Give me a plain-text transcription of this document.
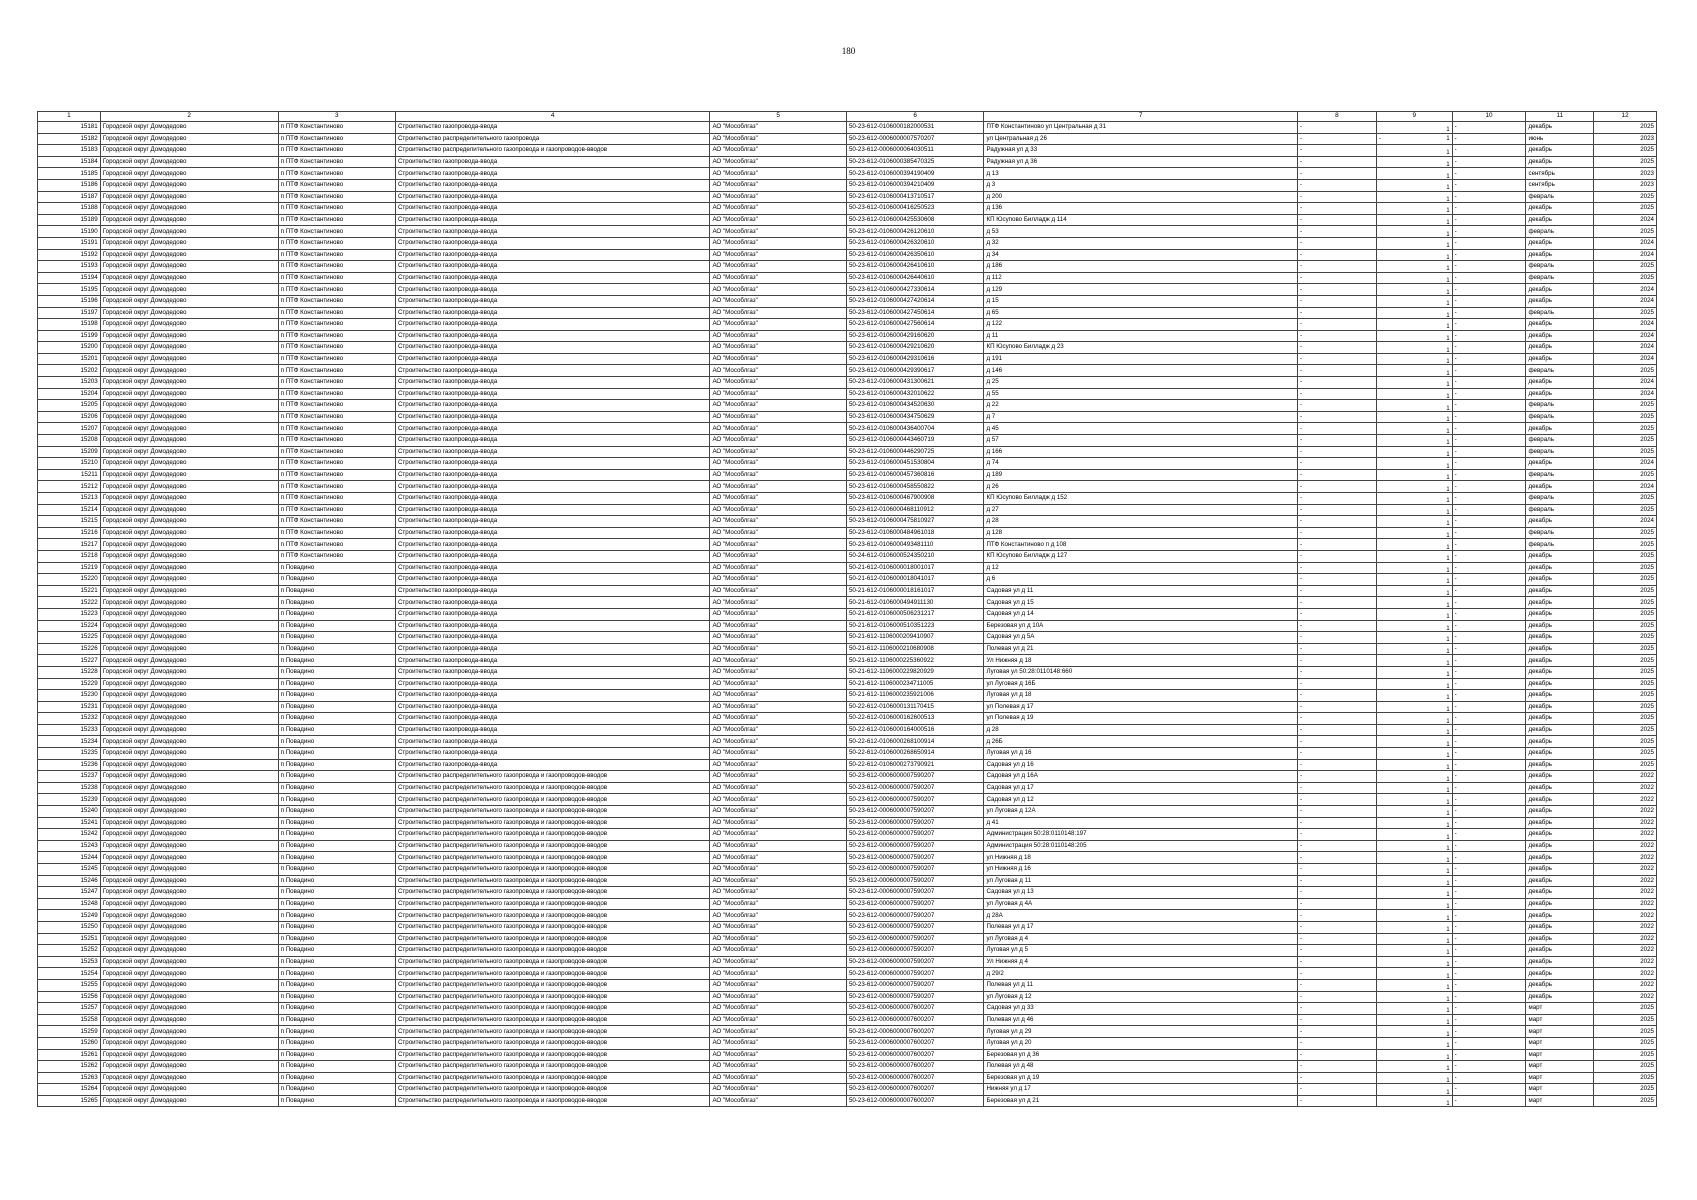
180
1	2	3	4	5	6	7	8	9	10	11	12
15181	Городской округ Домодедово	п ПТФ Константиново	Строительство газопровода-ввода	АО "Мособлгаз"	50-23-612-0106000182000531	ПТФ Константиново ул Центральная д 31	-	1	-	декабрь	2025
15182	Городской округ Домодедово	п ПТФ Константиново	Строительство распределительного газопровода	АО "Мособлгаз"	50-23-612-0006000007570207	ул Центральная д 26	-	- 1	-	июнь	2023
15183	Городской округ Домодедово	п ПТФ Константиново	Строительство распределительного газопровода и газопроводов-вводов	АО "Мособлгаз"	50-23-612-0006000064030511	Радужная ул д 33	-	1	-	декабрь	2025
15184	Городской округ Домодедово	п ПТФ Константиново	Строительство газопровода-ввода	АО "Мособлгаз"	50-23-612-0106000385470325	Радужная ул д 36	-	1	-	декабрь	2025
15185	Городской округ Домодедово	п ПТФ Константиново	Строительство газопровода-ввода	АО "Мособлгаз"	50-23-612-0106000394190409	д 13	-	1	-	сентябрь	2023
15186	Городской округ Домодедово	п ПТФ Константиново	Строительство газопровода-ввода	АО "Мособлгаз"	50-23-612-0106000394210409	д 3	-	1	-	сентябрь	2023
15187	Городской округ Домодедово	п ПТФ Константиново	Строительство газопровода-ввода	АО "Мособлгаз"	50-23-612-0106000413710517	д 200	-	1	-	февраль	2025
15188	Городской округ Домодедово	п ПТФ Константиново	Строительство газопровода-ввода	АО "Мособлгаз"	50-23-612-0106000416250523	д 136	-	1	-	декабрь	2025
15189	Городской округ Домодедово	п ПТФ Константиново	Строительство газопровода-ввода	АО "Мособлгаз"	50-23-612-0106000425530608	КП Юсупово Билладж д 114	-	1	-	декабрь	2024
15190	Городской округ Домодедово	п ПТФ Константиново	Строительство газопровода-ввода	АО "Мособлгаз"	50-23-612-0106000426120610	д 53	-	1	-	февраль	2025
15191	Городской округ Домодедово	п ПТФ Константиново	Строительство газопровода-ввода	АО "Мособлгаз"	50-23-612-0106000426320610	д 32	-	1	-	декабрь	2024
15192	Городской округ Домодедово	п ПТФ Константиново	Строительство газопровода-ввода	АО "Мособлгаз"	50-23-612-0106000426350610	д 34	-	1	-	декабрь	2024
15193	Городской округ Домодедово	п ПТФ Константиново	Строительство газопровода-ввода	АО "Мособлгаз"	50-23-612-0106000426410610	д 186	-	1	-	февраль	2025
15194	Городской округ Домодедово	п ПТФ Константиново	Строительство газопровода-ввода	АО "Мособлгаз"	50-23-612-0106000426440610	д 112	-	1	-	февраль	2025
15195	Городской округ Домодедово	п ПТФ Константиново	Строительство газопровода-ввода	АО "Мособлгаз"	50-23-612-0106000427330614	д 129	-	1	-	декабрь	2024
15196	Городской округ Домодедово	п ПТФ Константиново	Строительство газопровода-ввода	АО "Мособлгаз"	50-23-612-0106000427420614	д 15	-	1	-	декабрь	2024
15197	Городской округ Домодедово	п ПТФ Константиново	Строительство газопровода-ввода	АО "Мособлгаз"	50-23-612-0106000427450614	д 65	-	1	-	февраль	2025
15198	Городской округ Домодедово	п ПТФ Константиново	Строительство газопровода-ввода	АО "Мособлгаз"	50-23-612-0106000427560614	д 122	-	1	-	декабрь	2024
15199	Городской округ Домодедово	п ПТФ Константиново	Строительство газопровода-ввода	АО "Мособлгаз"	50-23-612-0106000429160620	д 11	-	1	-	декабрь	2024
15200	Городской округ Домодедово	п ПТФ Константиново	Строительство газопровода-ввода	АО "Мособлгаз"	50-23-612-0106000429210620	КП Юсупово Билладж д 23	-	1	-	декабрь	2024
15201	Городской округ Домодедово	п ПТФ Константиново	Строительство газопровода-ввода	АО "Мособлгаз"	50-23-612-0106000429310616	д 191	-	1	-	декабрь	2024
15202	Городской округ Домодедово	п ПТФ Константиново	Строительство газопровода-ввода	АО "Мособлгаз"	50-23-612-0106000429390617	д 146	-	1	-	февраль	2025
15203	Городской округ Домодедово	п ПТФ Константиново	Строительство газопровода-ввода	АО "Мособлгаз"	50-23-612-0106000431300621	д 25	-	1	-	декабрь	2024
15204	Городской округ Домодедово	п ПТФ Константиново	Строительство газопровода-ввода	АО "Мособлгаз"	50-23-612-0106000432010622	д 55	-	1	-	декабрь	2024
15205	Городской округ Домодедово	п ПТФ Константиново	Строительство газопровода-ввода	АО "Мособлгаз"	50-23-612-0106000434520630	д 22	-	1	-	февраль	2025
15206	Городской округ Домодедово	п ПТФ Константиново	Строительство газопровода-ввода	АО "Мособлгаз"	50-23-612-0106000434750629	д 7	-	1	-	февраль	2025
15207	Городской округ Домодедово	п ПТФ Константиново	Строительство газопровода-ввода	АО "Мособлгаз"	50-23-612-0106000436400704	д 45	-	1	-	декабрь	2025
15208	Городской округ Домодедово	п ПТФ Константиново	Строительство газопровода-ввода	АО "Мособлгаз"	50-23-612-0106000443460719	д 57	-	1	-	февраль	2025
15209	Городской округ Домодедово	п ПТФ Константиново	Строительство газопровода-ввода	АО "Мособлгаз"	50-23-612-0106000446290725	д 166	-	1	-	февраль	2025
15210	Городской округ Домодедово	п ПТФ Константиново	Строительство газопровода-ввода	АО "Мособлгаз"	50-23-612-0106000451530804	д 74	-	1	-	декабрь	2024
15211	Городской округ Домодедово	п ПТФ Константиново	Строительство газопровода-ввода	АО "Мособлгаз"	50-23-612-0106000457360816	д 189	-	1	-	февраль	2025
15212	Городской округ Домодедово	п ПТФ Константиново	Строительство газопровода-ввода	АО "Мособлгаз"	50-23-612-0106000458550822	д 26	-	1	-	декабрь	2024
15213	Городской округ Домодедово	п ПТФ Константиново	Строительство газопровода-ввода	АО "Мособлгаз"	50-23-612-0106000467900908	КП Юсупово Билладж д 152	-	1	-	февраль	2025
15214	Городской округ Домодедово	п ПТФ Константиново	Строительство газопровода-ввода	АО "Мособлгаз"	50-23-612-0106000468110912	д 27	-	1	-	февраль	2025
15215	Городской округ Домодедово	п ПТФ Константиново	Строительство газопровода-ввода	АО "Мособлгаз"	50-23-612-0106000475810927	д 28	-	1	-	декабрь	2024
15216	Городской округ Домодедово	п ПТФ Константиново	Строительство газопровода-ввода	АО "Мособлгаз"	50-23-612-0106000484961018	д 128	-	1	-	февраль	2025
15217	Городской округ Домодедово	п ПТФ Константиново	Строительство газопровода-ввода	АО "Мособлгаз"	50-23-612-0106000493481110	ПТФ Константиново п д 108	-	1	-	февраль	2025
15218	Городской округ Домодедово	п ПТФ Константиново	Строительство газопровода-ввода	АО "Мособлгаз"	50-24-612-0106000524350210	КП Юсупово Билладж д 127	-	1	-	декабрь	2025
15219	Городской округ Домодедово	п Повадино	Строительство газопровода-ввода	АО "Мособлгаз"	50-21-612-0106000018001017	д 12	-	1	-	декабрь	2025
15220	Городской округ Домодедово	п Повадино	Строительство газопровода-ввода	АО "Мособлгаз"	50-21-612-0106000018041017	д 6	-	1	-	декабрь	2025
15221	Городской округ Домодедово	п Повадино	Строительство газопровода-ввода	АО "Мособлгаз"	50-21-612-0106000018161017	Садовая ул д 11	-	1	-	декабрь	2025
15222	Городской округ Домодедово	п Повадино	Строительство газопровода-ввода	АО "Мособлгаз"	50-21-612-0106000494911130	Садовая ул д 15	-	1	-	декабрь	2025
15223	Городской округ Домодедово	п Повадино	Строительство газопровода-ввода	АО "Мособлгаз"	50-21-612-0106000506231217	Садовая ул д 14	-	1	-	декабрь	2025
15224	Городской округ Домодедово	п Повадино	Строительство газопровода-ввода	АО "Мособлгаз"	50-21-612-0106000510351223	Березовая ул д 10А	-	1	-	декабрь	2025
15225	Городской округ Домодедово	п Повадино	Строительство газопровода-ввода	АО "Мособлгаз"	50-21-612-1106000209410907	Садовая ул д 5А	-	1	-	декабрь	2025
15226	Городской округ Домодедово	п Повадино	Строительство газопровода-ввода	АО "Мособлгаз"	50-21-612-1106000210680908	Полевая ул д 21	-	1	-	декабрь	2025
15227	Городской округ Домодедово	п Повадино	Строительство газопровода-ввода	АО "Мособлгаз"	50-21-612-1106000225360922	Ул Нижняя д 18	-	1	-	декабрь	2025
15228	Городской округ Домодедово	п Повадино	Строительство газопровода-ввода	АО "Мособлгаз"	50-21-612-1106000229820929	Луговая ул 50:28:0110148:660	-	1	-	декабрь	2025
15229	Городской округ Домодедово	п Повадино	Строительство газопровода-ввода	АО "Мособлгаз"	50-21-612-1106000234711005	ул Луговая д 16Б	-	1	-	декабрь	2025
15230	Городской округ Домодедово	п Повадино	Строительство газопровода-ввода	АО "Мособлгаз"	50-21-612-1106000235921006	Луговая ул д 18	-	1	-	декабрь	2025
15231	Городской округ Домодедово	п Повадино	Строительство газопровода-ввода	АО "Мособлгаз"	50-22-612-0106000131170415	ул Полевая д 17	-	1	-	декабрь	2025
15232	Городской округ Домодедово	п Повадино	Строительство газопровода-ввода	АО "Мособлгаз"	50-22-612-0106000162600513	ул Полевая д 19	-	1	-	декабрь	2025
15233	Городской округ Домодедово	п Повадино	Строительство газопровода-ввода	АО "Мособлгаз"	50-22-612-0106000164000516	д 28	-	1	-	декабрь	2025
15234	Городской округ Домодедово	п Повадино	Строительство газопровода-ввода	АО "Мособлгаз"	50-22-612-0106000268100914	д 26Б	-	1	-	декабрь	2025
15235	Городской округ Домодедово	п Повадино	Строительство газопровода-ввода	АО "Мособлгаз"	50-22-612-0106000268650914	Луговая ул д 16	-	1	-	декабрь	2025
15236	Городской округ Домодедово	п Повадино	Строительство газопровода-ввода	АО "Мособлгаз"	50-22-612-0106000273790921	Садовая ул д 16	-	1	-	декабрь	2025
15237	Городской округ Домодедово	п Повадино	Строительство распределительного газопровода и газопроводов-вводов	АО "Мособлгаз"	50-23-612-0006000007590207	Садовая ул д 16А	-	1	-	декабрь	2022
15238	Городской округ Домодедово	п Повадино	Строительство распределительного газопровода и газопроводов-вводов	АО "Мособлгаз"	50-23-612-0006000007590207	Садовая ул д 17	-	1	-	декабрь	2022
15239	Городской округ Домодедово	п Повадино	Строительство распределительного газопровода и газопроводов-вводов	АО "Мособлгаз"	50-23-612-0006000007590207	Садовая ул д 12	-	1	-	декабрь	2022
15240	Городской округ Домодедово	п Повадино	Строительство распределительного газопровода и газопроводов-вводов	АО "Мособлгаз"	50-23-612-0006000007590207	ул Луговая д 12А	-	1	-	декабрь	2022
15241	Городской округ Домодедово	п Повадино	Строительство распределительного газопровода и газопроводов-вводов	АО "Мособлгаз"	50-23-612-0006000007590207	д 41	-	1	-	декабрь	2022
15242	Городской округ Домодедово	п Повадино	Строительство распределительного газопровода и газопроводов-вводов	АО "Мособлгаз"	50-23-612-0006000007590207	Администрация 50:28:0110148:197	-	1	-	декабрь	2022
15243	Городской округ Домодедово	п Повадино	Строительство распределительного газопровода и газопроводов-вводов	АО "Мособлгаз"	50-23-612-0006000007590207	Администрация 50:28:0110148:205	-	1	-	декабрь	2022
15244	Городской округ Домодедово	п Повадино	Строительство распределительного газопровода и газопроводов-вводов	АО "Мособлгаз"	50-23-612-0006000007590207	ул Нижняя д 18	-	1	-	декабрь	2022
15245	Городской округ Домодедово	п Повадино	Строительство распределительного газопровода и газопроводов-вводов	АО "Мособлгаз"	50-23-612-0006000007590207	ул Нижняя д 16	-	1	-	декабрь	2022
15246	Городской округ Домодедово	п Повадино	Строительство распределительного газопровода и газопроводов-вводов	АО "Мособлгаз"	50-23-612-0006000007590207	ул Луговая д 11	-	1	-	декабрь	2022
15247	Городской округ Домодедово	п Повадино	Строительство распределительного газопровода и газопроводов-вводов	АО "Мособлгаз"	50-23-612-0006000007590207	Садовая ул д 13	-	1	-	декабрь	2022
15248	Городской округ Домодедово	п Повадино	Строительство распределительного газопровода и газопроводов-вводов	АО "Мособлгаз"	50-23-612-0006000007590207	ул Луговая д 4А	-	1	-	декабрь	2022
15249	Городской округ Домодедово	п Повадино	Строительство распределительного газопровода и газопроводов-вводов	АО "Мособлгаз"	50-23-612-0006000007590207	д 28А	-	1	-	декабрь	2022
15250	Городской округ Домодедово	п Повадино	Строительство распределительного газопровода и газопроводов-вводов	АО "Мособлгаз"	50-23-612-0006000007590207	Полевая ул д 17	-	1	-	декабрь	2022
15251	Городской округ Домодедово	п Повадино	Строительство распределительного газопровода и газопроводов-вводов	АО "Мособлгаз"	50-23-612-0006000007590207	ул Луговая д 4	-	1	-	декабрь	2022
15252	Городской округ Домодедово	п Повадино	Строительство распределительного газопровода и газопроводов-вводов	АО "Мособлгаз"	50-23-612-0006000007590207	Луговая ул д 5	-	1	-	декабрь	2022
15253	Городской округ Домодедово	п Повадино	Строительство распределительного газопровода и газопроводов-вводов	АО "Мособлгаз"	50-23-612-0006000007590207	Ул Нижняя д 4	-	1	-	декабрь	2022
15254	Городской округ Домодедово	п Повадино	Строительство распределительного газопровода и газопроводов-вводов	АО "Мособлгаз"	50-23-612-0006000007590207	д 29/2	-	1	-	декабрь	2022
15255	Городской округ Домодедово	п Повадино	Строительство распределительного газопровода и газопроводов-вводов	АО "Мособлгаз"	50-23-612-0006000007590207	Полевая ул д 11	-	1	-	декабрь	2022
15256	Городской округ Домодедово	п Повадино	Строительство распределительного газопровода и газопроводов-вводов	АО "Мособлгаз"	50-23-612-0006000007590207	ул Луговая д 12	-	1	-	декабрь	2022
15257	Городской округ Домодедово	п Повадино	Строительство распределительного газопровода и газопроводов-вводов	АО "Мособлгаз"	50-23-612-0006000007600207	Садовая ул д 33	-	1	-	март	2025
15258	Городской округ Домодедово	п Повадино	Строительство распределительного газопровода и газопроводов-вводов	АО "Мособлгаз"	50-23-612-0006000007600207	Полевая ул д 46	-	1	-	март	2025
15259	Городской округ Домодедово	п Повадино	Строительство распределительного газопровода и газопроводов-вводов	АО "Мособлгаз"	50-23-612-0006000007600207	Луговая ул д 29	-	1	-	март	2025
15260	Городской округ Домодедово	п Повадино	Строительство распределительного газопровода и газопроводов-вводов	АО "Мособлгаз"	50-23-612-0006000007600207	Луговая ул д 20	-	1	-	март	2025
15261	Городской округ Домодедово	п Повадино	Строительство распределительного газопровода и газопроводов-вводов	АО "Мособлгаз"	50-23-612-0006000007600207	Березовая ул д 36	-	1	-	март	2025
15262	Городской округ Домодедово	п Повадино	Строительство распределительного газопровода и газопроводов-вводов	АО "Мособлгаз"	50-23-612-0006000007600207	Полевая ул д 48	-	1	-	март	2025
15263	Городской округ Домодедово	п Повадино	Строительство распределительного газопровода и газопроводов-вводов	АО "Мособлгаз"	50-23-612-0006000007600207	Березовая ул д 19	-	1	-	март	2025
15264	Городской округ Домодедово	п Повадино	Строительство распределительного газопровода и газопроводов-вводов	АО "Мособлгаз"	50-23-612-0006000007600207	Нижняя ул д 17	-	1	-	март	2025
15265	Городской округ Домодедово	п Повадино	Строительство распределительного газопровода и газопроводов-вводов	АО "Мособлгаз"	50-23-612-0006000007600207	Березовая ул д 21	-	1	-	март	2025
